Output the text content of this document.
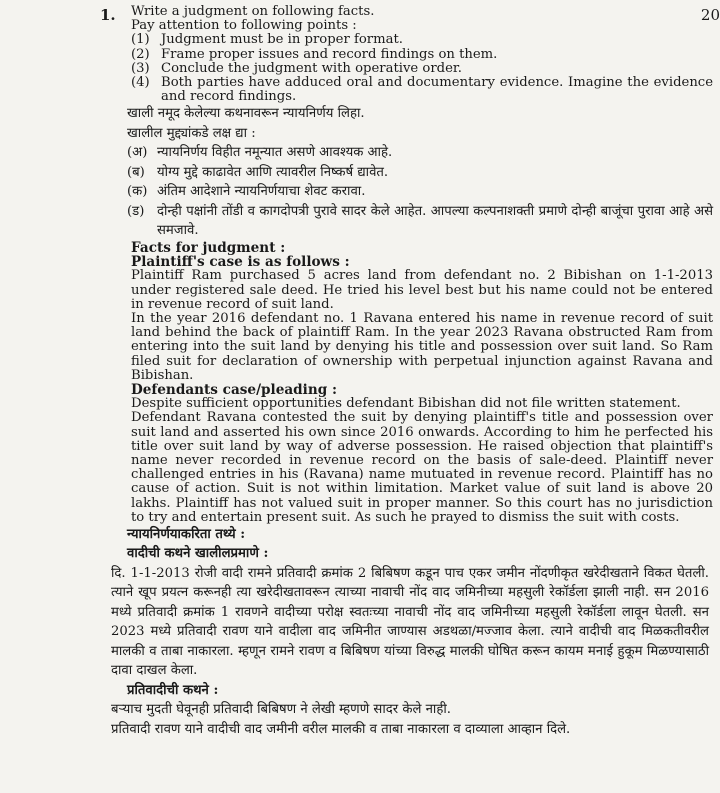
1.	20
Write a judgment on following facts.
Pay attention to following points :
(1) Judgment must be in proper format.
(2) Frame proper issues and record findings on them.
(3) Conclude the judgment with operative order.
(4) Both parties have adduced oral and documentary evidence. Imagine the evidence and record findings.
खाली नमूद केलेल्या कथनावरून न्यायनिर्णय लिहा.
खालील मुद्द्यांकडे लक्ष द्या :
(अ) न्यायनिर्णय विहीत नमून्यात असणे आवश्यक आहे.
(ब) योग्य मुद्दे काढावेत आणि त्यावरील निष्कर्ष द्यावेत.
(क) अंतिम आदेशाने न्यायनिर्णयाचा शेवट करावा.
(ड) दोन्ही पक्षांनी तोंडी व कागदोपत्री पुरावे सादर केले आहेत. आपल्या कल्पनाशक्ती प्रमाणे दोन्ही बाजूंचा पुरावा आहे असे समजावे.
Facts for judgment :
Plaintiff's case is as follows :
Plaintiff Ram purchased 5 acres land from defendant no. 2 Bibishan on 1-1-2013 under registered sale deed. He tried his level best but his name could not be entered in revenue record of suit land.
In the year 2016 defendant no. 1 Ravana entered his name in revenue record of suit land behind the back of plaintiff Ram. In the year 2023 Ravana obstructed Ram from entering into the suit land by denying his title and possession over suit land. So Ram filed suit for declaration of ownership with perpetual injunction against Ravana and Bibishan.
Defendants case/pleading :
Despite sufficient opportunities defendant Bibishan did not file written statement.
Defendant Ravana contested the suit by denying plaintiff's title and possession over suit land and asserted his own since 2016 onwards. According to him he perfected his title over suit land by way of adverse possession. He raised objection that plaintiff's name never recorded in revenue record on the basis of sale-deed. Plaintiff never challenged entries in his (Ravana) name mutuated in revenue record. Plaintiff has no cause of action. Suit is not within limitation. Market value of suit land is above 20 lakhs. Plaintiff has not valued suit in proper manner. So this court has no jurisdiction to try and entertain present suit. As such he prayed to dismiss the suit with costs.
न्यायनिर्णयाकरिता तथ्ये :
वादीची कथने खालीलप्रमाणे :
दि. 1-1-2013 रोजी वादी रामने प्रतिवादी क्रमांक 2 बिबिषण कडून पाच एकर जमीन नोंदणीकृत खरेदीखताने विकत घेतली. त्याने खूप प्रयत्न करूनही त्या खरेदीखतावरून त्याच्या नावाची नोंद वाद जमिनीच्या महसुली रेकॉर्डला झाली नाही. सन 2016 मध्ये प्रतिवादी क्रमांक 1 रावणने वादीच्या परोक्ष स्वतःच्या नावाची नोंद वाद जमिनीच्या महसुली रेकॉर्डला लावून घेतली. सन 2023 मध्ये प्रतिवादी रावण याने वादीला वाद जमिनीत जाण्यास अडथळा/मज्जाव केला. त्याने वादीची वाद मिळकतीवरील मालकी व ताबा नाकारला. म्हणून रामने रावण व बिबिषण यांच्या विरुद्ध मालकी घोषित करून कायम मनाई हुकूम मिळण्यासाठी दावा दाखल केला.
प्रतिवादीची कथने :
बऱ्याच मुदती घेवूनही प्रतिवादी बिबिषण ने लेखी म्हणणे सादर केले नाही.
प्रतिवादी रावण याने वादीची वाद जमीनी वरील मालकी व ताबा नाकारला व दाव्याला आव्हान दिले.
